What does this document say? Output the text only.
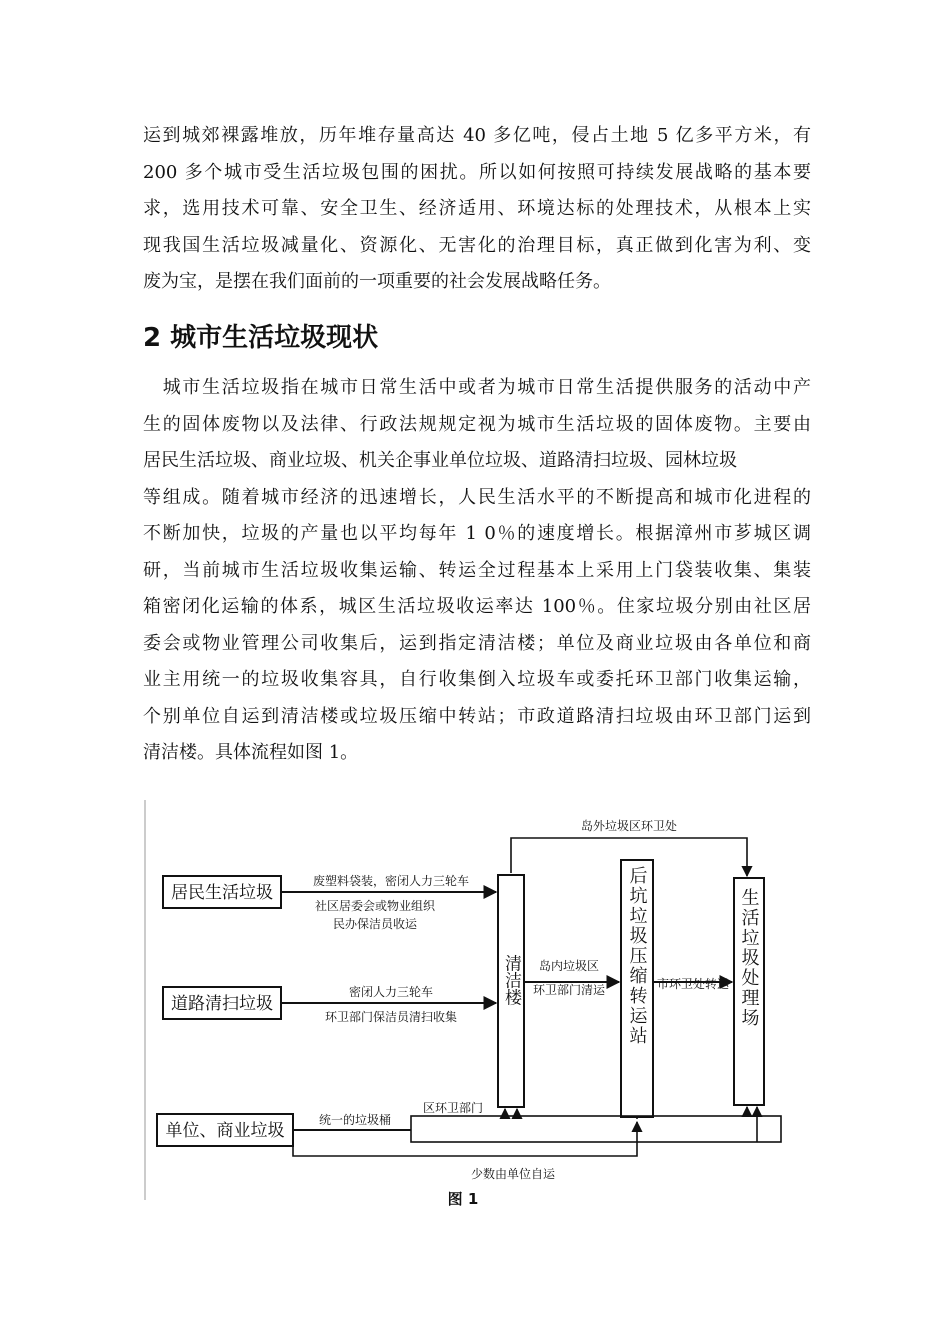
运到城郊裸露堆放，历年堆存量高达 40 多亿吨，侵占土地 5 亿多平方米，有
200 多个城市受生活垃圾包围的困扰。所以如何按照可持续发展战略的基本要
求，选用技术可靠、安全卫生、经济适用、环境达标的处理技术，从根本上实
现我国生活垃圾减量化、资源化、无害化的治理目标，真正做到化害为利、变
废为宝，是摆在我们面前的一项重要的社会发展战略任务。
2 城市生活垃圾现状
　城市生活垃圾指在城市日常生活中或者为城市日常生活提供服务的活动中产
生的固体废物以及法律、行政法规规定视为城市生活垃圾的固体废物。主要由
居民生活垃圾、商业垃圾、机关企事业单位垃圾、道路清扫垃圾、园林垃圾
等组成。随着城市经济的迅速增长，人民生活水平的不断提高和城市化进程的
不断加快，垃圾的产量也以平均每年 1 0％的速度增长。根据漳州市芗城区调
研，当前城市生活垃圾收集运输、转运全过程基本上采用上门袋装收集、集装
箱密闭化运输的体系，城区生活垃圾收运率达 100％。住家垃圾分别由社区居
委会或物业管理公司收集后，运到指定清洁楼；单位及商业垃圾由各单位和商
业主用统一的垃圾收集容具，自行收集倒入垃圾车或委托环卫部门收集运输，
个别单位自运到清洁楼或垃圾压缩中转站；市政道路清扫垃圾由环卫部门运到
清洁楼。具体流程如图 1。
居民生活垃圾
道路清扫垃圾
单位、商业垃圾
清洁楼	后坑垃圾压缩转运站	生活垃圾处理场
废塑料袋装，密闭人力三轮车
社区居委会或物业组织
民办保洁员收运
密闭人力三轮车
环卫部门保洁员清扫收集
统一的垃圾桶
区环卫部门
少数由单位自运
岛内垃圾区
环卫部门清运	市环卫处转运
岛外垃圾区环卫处
图 1
